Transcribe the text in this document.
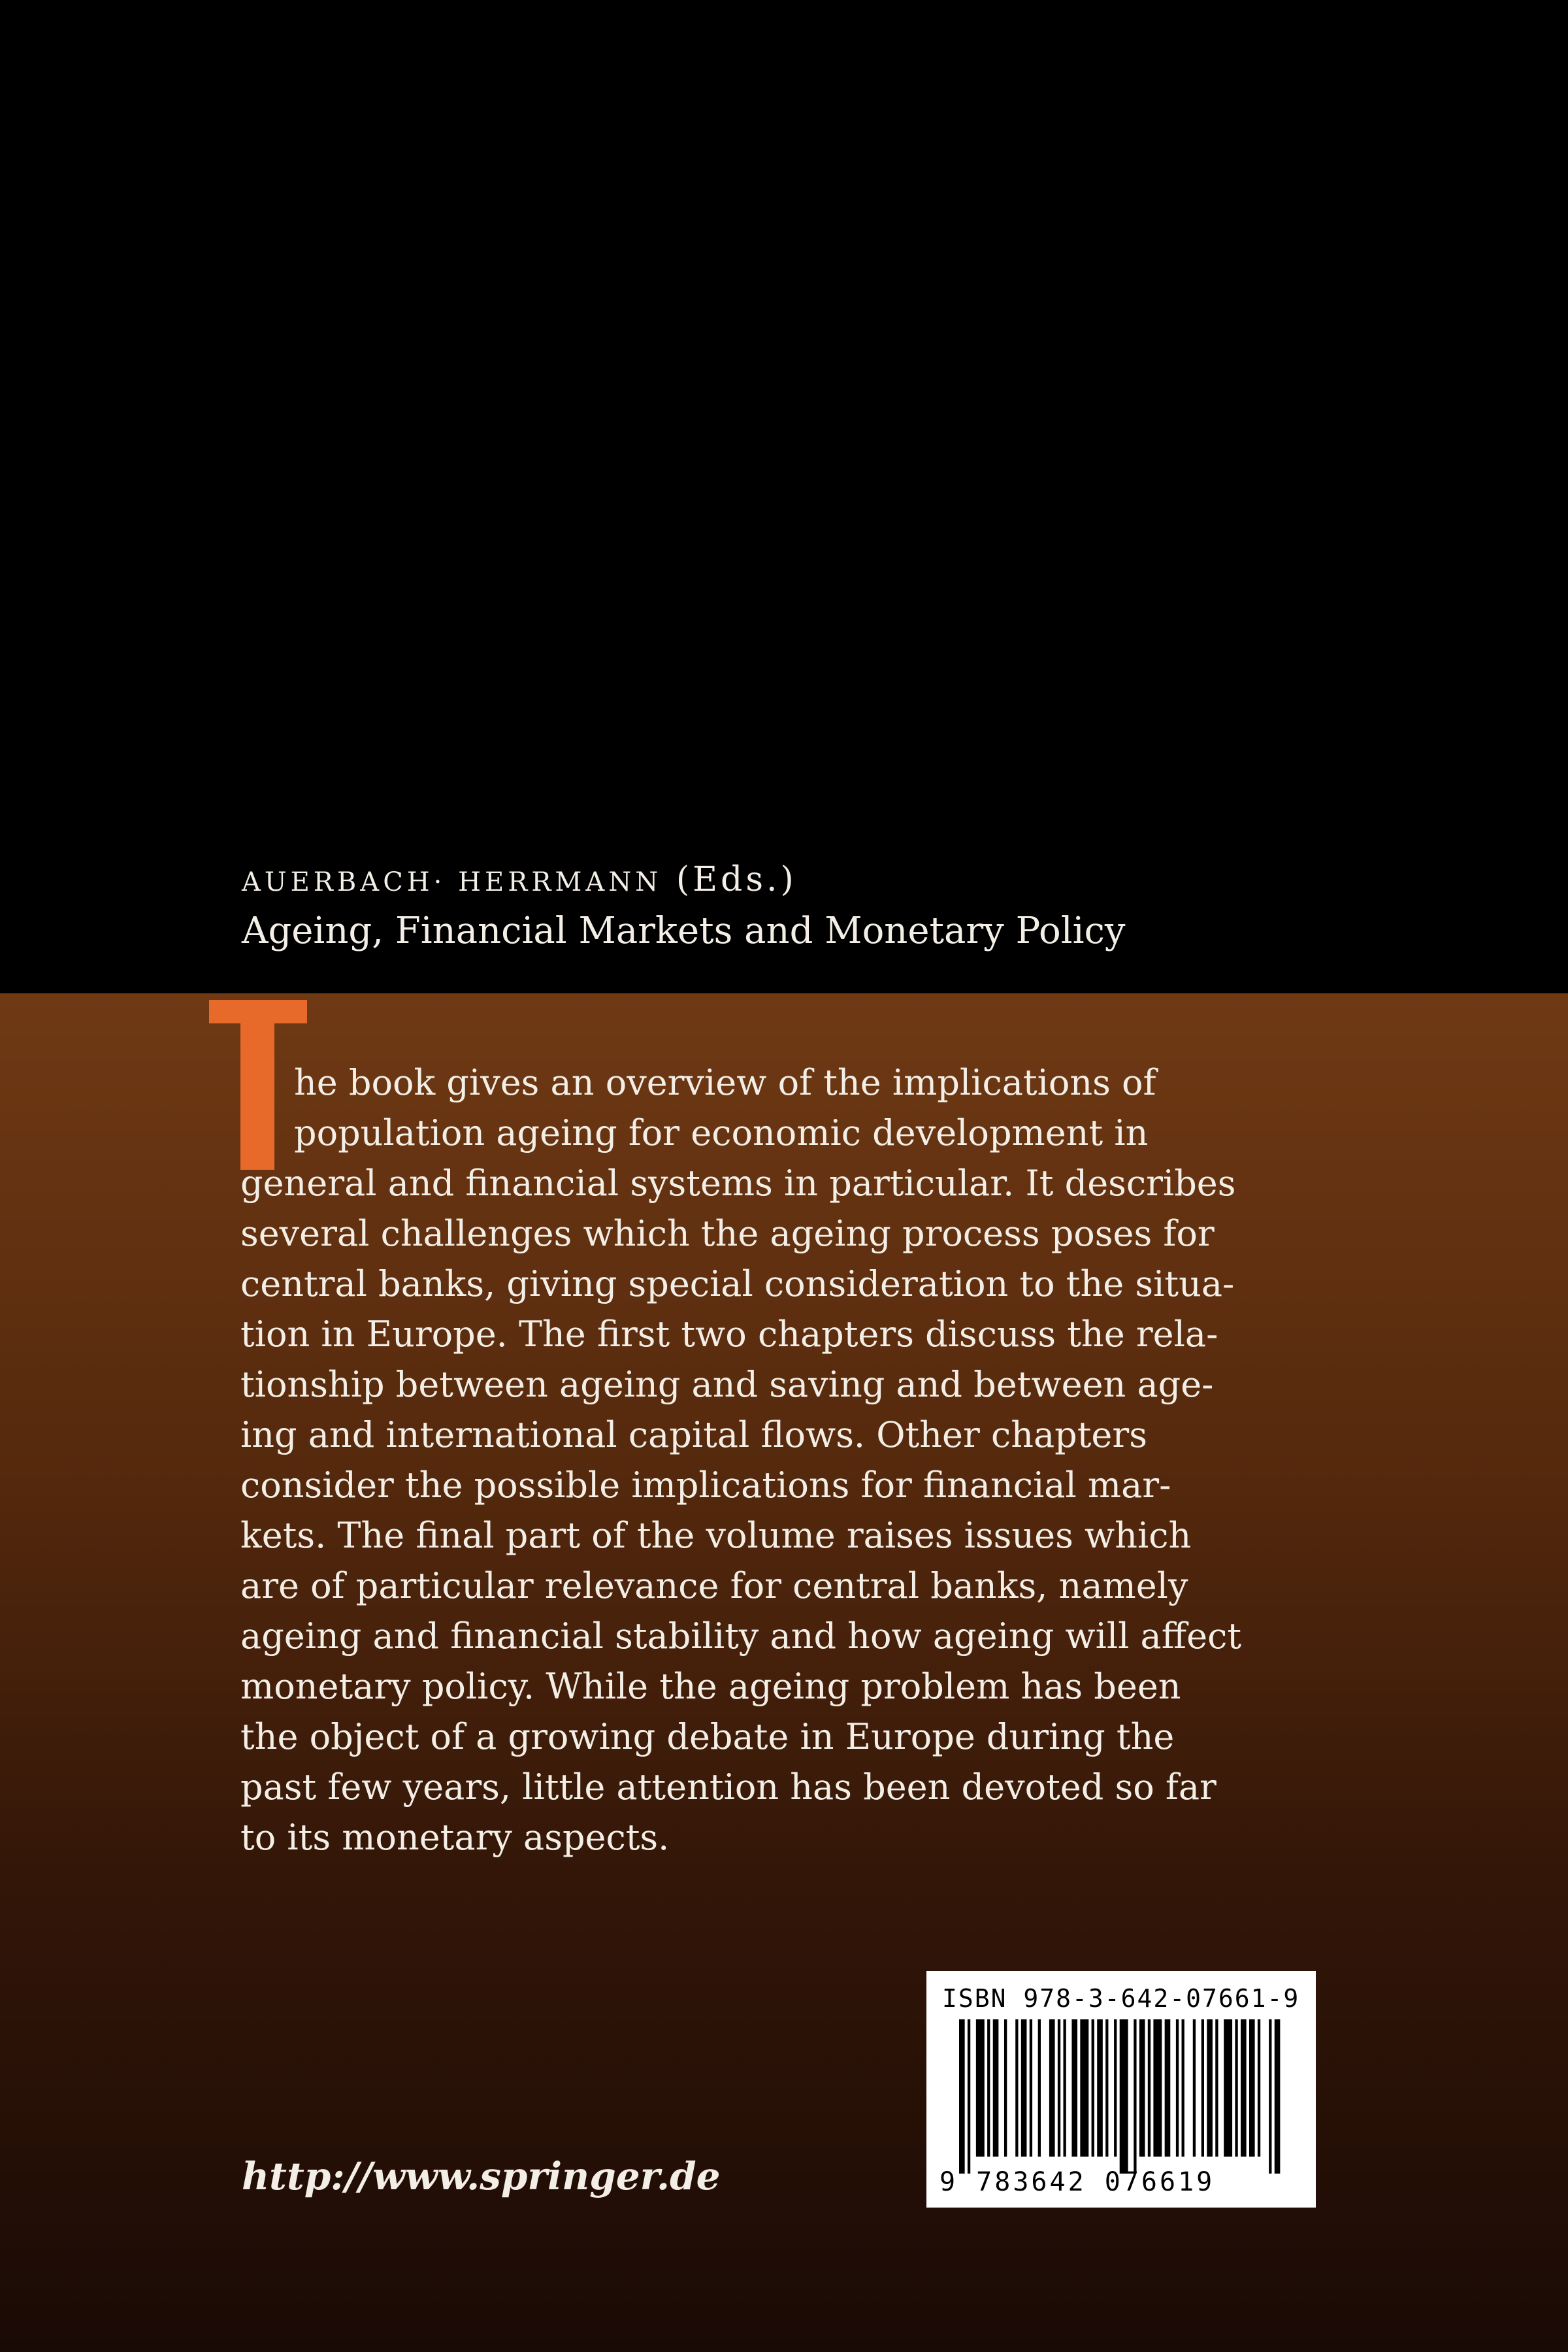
AUERBACH· HERRMANN (Eds.)
Ageing, Financial Markets and Monetary Policy
he book gives an overview of the implications of
population ageing for economic development in
general and financial systems in particular. It describes
several challenges which the ageing process poses for
central banks, giving special consideration to the situa-
tion in Europe. The first two chapters discuss the rela-
tionship between ageing and saving and between age-
ing and international capital flows. Other chapters
consider the possible implications for financial mar-
kets. The final part of the volume raises issues which
are of particular relevance for central banks, namely
ageing and financial stability and how ageing will affect
monetary policy. While the ageing problem has been
the object of a growing debate in Europe during the
past few years, little attention has been devoted so far
to its monetary aspects.
http://www.springer.de
ISBN 978-3-642-07661-9
9 783642 076619
